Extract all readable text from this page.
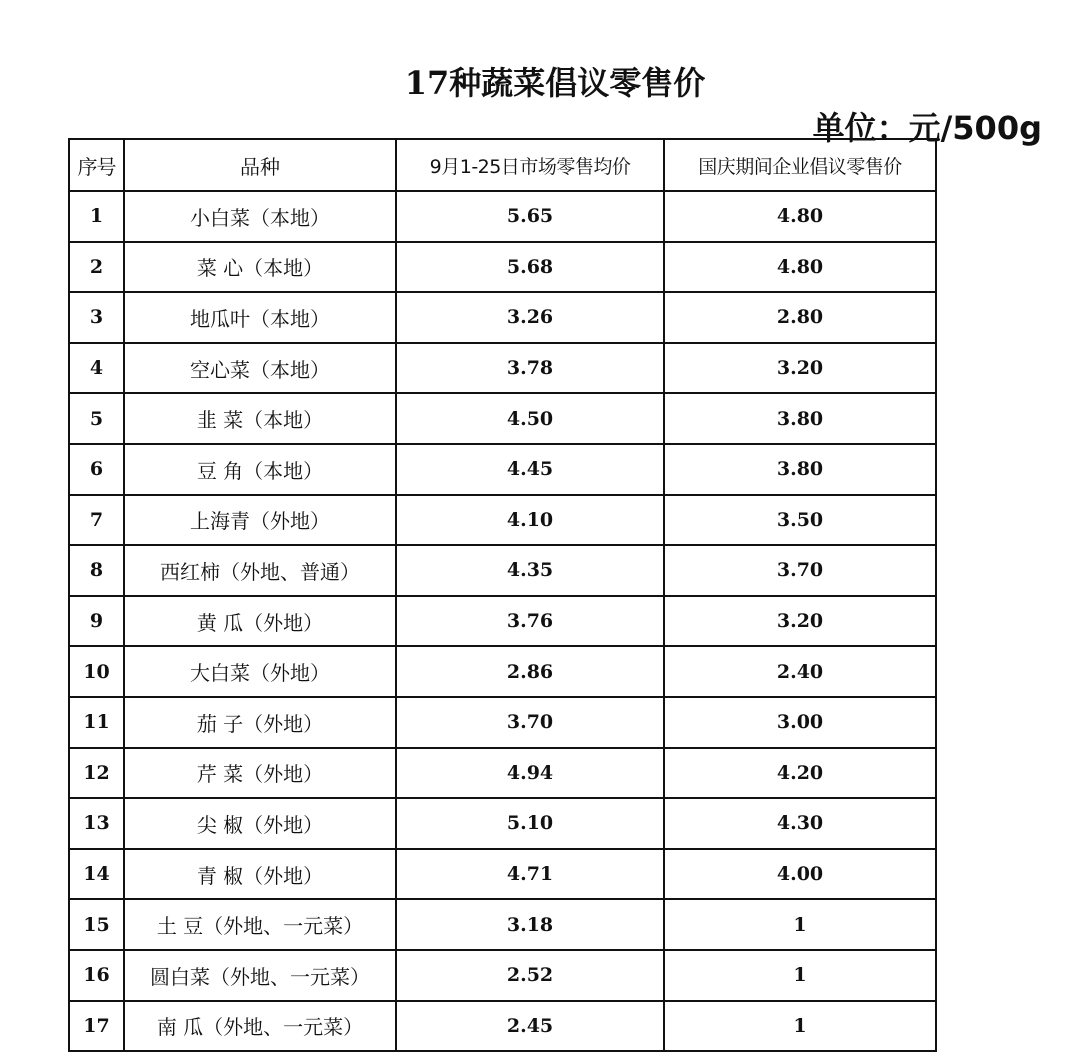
17种蔬菜倡议零售价
单位：元/500g
序号	品种	9月1-25日市场零售均价	国庆期间企业倡议零售价
1	小白菜（本地）	5.65	4.80
2	菜 心（本地）	5.68	4.80
3	地瓜叶（本地）	3.26	2.80
4	空心菜（本地）	3.78	3.20
5	韭 菜（本地）	4.50	3.80
6	豆 角（本地）	4.45	3.80
7	上海青（外地）	4.10	3.50
8	西红柿（外地、普通）	4.35	3.70
9	黄 瓜（外地）	3.76	3.20
10	大白菜（外地）	2.86	2.40
11	茄 子（外地）	3.70	3.00
12	芹 菜（外地）	4.94	4.20
13	尖 椒（外地）	5.10	4.30
14	青 椒（外地）	4.71	4.00
15	土 豆（外地、一元菜）	3.18	1
16	圆白菜（外地、一元菜）	2.52	1
17	南 瓜（外地、一元菜）	2.45	1
